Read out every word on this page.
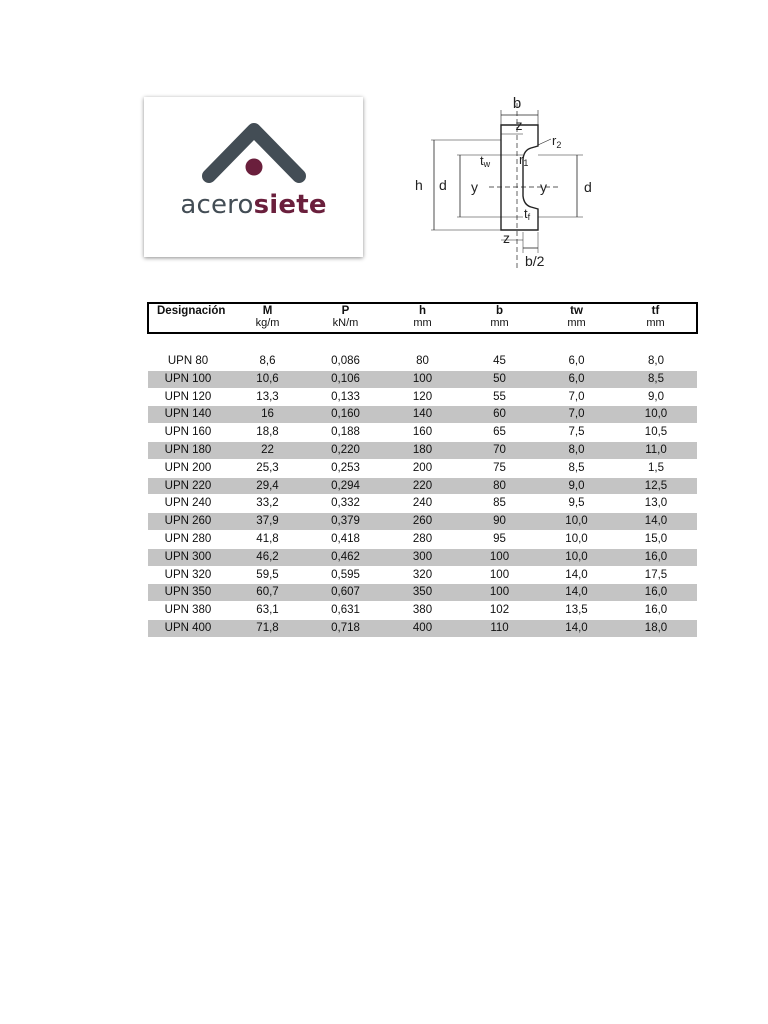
acerosiete
b
z
$r_2$
r1
tw
h d y	y	d
tf
z
b/2
Designación	M	P	h	b	tw	tf
	kg/m	kN/m	mm	mm	mm	mm

UPN 80	8,6	0,086	80	45	6,0	8,0
UPN 100	10,6	0,106	100	50	6,0	8,5
UPN 120	13,3	0,133	120	55	7,0	9,0
UPN 140	16	0,160	140	60	7,0	10,0
UPN 160	18,8	0,188	160	65	7,5	10,5
UPN 180	22	0,220	180	70	8,0	11,0
UPN 200	25,3	0,253	200	75	8,5	1,5
UPN 220	29,4	0,294	220	80	9,0	12,5
UPN 240	33,2	0,332	240	85	9,5	13,0
UPN 260	37,9	0,379	260	90	10,0	14,0
UPN 280	41,8	0,418	280	95	10,0	15,0
UPN 300	46,2	0,462	300	100	10,0	16,0
UPN 320	59,5	0,595	320	100	14,0	17,5
UPN 350	60,7	0,607	350	100	14,0	16,0
UPN 380	63,1	0,631	380	102	13,5	16,0
UPN 400	71,8	0,718	400	110	14,0	18,0
